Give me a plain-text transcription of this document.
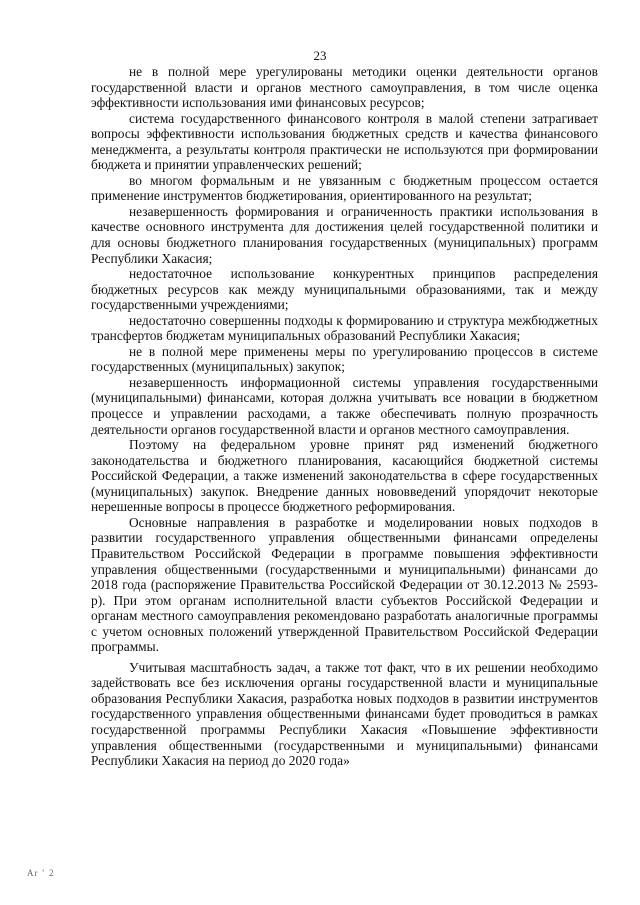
23

не в полной мере урегулированы методики оценки деятельности органов государственной власти и органов местного самоуправления, в том числе оценка эффективности использования ими финансовых ресурсов;

система государственного финансового контроля в малой степени затрагивает вопросы эффективности использования бюджетных средств и качества финансового менеджмента, а результаты контроля практически не используются при формировании бюджета и принятии управленческих решений;

во многом формальным и не увязанным с бюджетным процессом остается применение инструментов бюджетирования, ориентированного на результат;

незавершенность формирования и ограниченность практики использования в качестве основного инструмента для достижения целей государственной политики и для основы бюджетного планирования государственных (муниципальных) программ Республики Хакасия;

недостаточное использование конкурентных принципов распределения бюджетных ресурсов как между муниципальными образованиями, так и между государственными учреждениями;

недостаточно совершенны подходы к формированию и структура межбюджетных трансфертов бюджетам муниципальных образований Республики Хакасия;

не в полной мере применены меры по урегулированию процессов в системе государственных (муниципальных) закупок;

незавершенность информационной системы управления государственными (муниципальными) финансами, которая должна учитывать все новации в бюджетном процессе и управлении расходами, а также обеспечивать полную прозрачность деятельности органов государственной власти и органов местного самоуправления.

Поэтому на федеральном уровне принят ряд изменений бюджетного законодательства и бюджетного планирования, касающийся бюджетной системы Российской Федерации, а также изменений законодательства в сфере государственных (муниципальных) закупок. Внедрение данных нововведений упорядочит некоторые нерешенные вопросы в процессе бюджетного реформирования.

Основные направления в разработке и моделировании новых подходов в развитии государственного управления общественными финансами определены Правительством Российской Федерации в программе повышения эффективности управления общественными (государственными и муниципальными) финансами до 2018 года (распоряжение Правительства Российской Федерации от 30.12.2013 № 2593-р). При этом органам исполнительной власти субъектов Российской Федерации и органам местного самоуправления рекомендовано разработать аналогичные программы с учетом основных положений утвержденной Правительством Российской Федерации программы.

Учитывая масштабность задач, а также тот факт, что в их решении необходимо задействовать все без исключения органы государственной власти и муниципальные образования Республики Хакасия, разработка новых подходов в развитии инструментов государственного управления общественными финансами будет проводиться в рамках государственной программы Республики Хакасия «Повышение эффективности управления общественными (государственными и муниципальными) финансами Республики Хакасия на период до 2020 года»

Ar ‛ 2
